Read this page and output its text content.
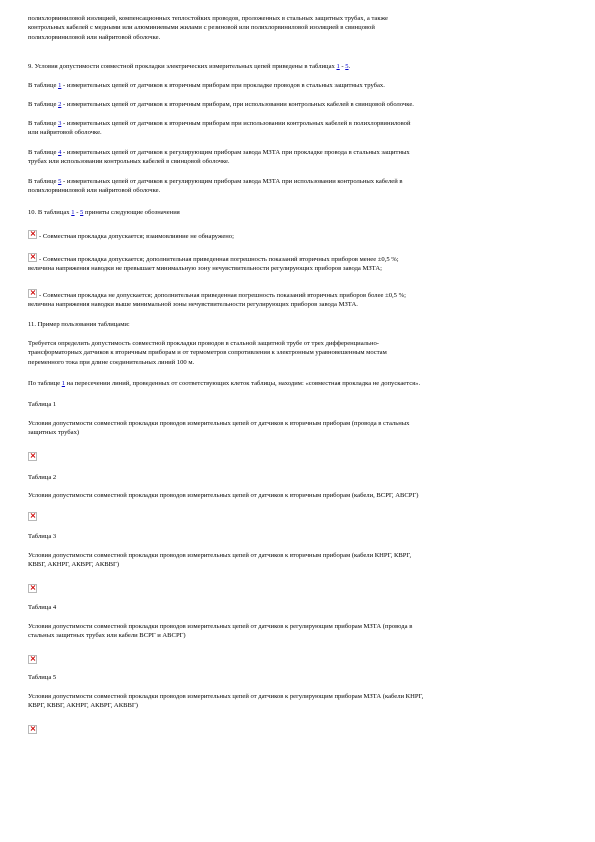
полихлорвиниловой изоляцией, компенсационных теплостойких проводов, проложенных в стальных защитных трубах, а также
контрольных кабелей с медными или алюминиевыми жилами с резиновой или полихлорвиниловой изоляцией в свинцовой
полихлорвиниловой или найритовой оболочке.

9. Условия допустимости совместной прокладки электрических измерительных цепей приведены в таблицах 1 - 5.

В таблице 1 - измерительных цепей от датчиков к вторичным приборам при прокладке проводов в стальных защитных трубах.

В таблице 2 - измерительных цепей от датчиков к вторичным приборам, при использовании контрольных кабелей в свинцовой оболочке.

В таблице 3 - измерительных цепей от датчиков к вторичным приборам при использовании контрольных кабелей в полихлорвиниловой
или найритовой оболочке.

В таблице 4 - измерительных цепей от датчиков к регулирующим приборам завода МЗТА при прокладке провода в стальных защитных
трубах или использовании контрольных кабелей в свинцовой оболочке.

В таблице 5 - измерительных цепей от датчиков к регулирующим приборам завода МЗТА при использовании контрольных кабелей в
полихлорвиниловой или найритовой оболочке.

10. В таблицах 1 - 5 приняты следующие обозначения

×- Совместная прокладка допускается; взаимовлияние не обнаружено;
×- Совместная прокладка допускается; дополнительная приведенная погрешность показаний вторичных приборов менее ±0,5 %;
величина напряжения наводки не превышает минимальную зону нечувствительности регулирующих приборов завода МЗТА;
×- Совместная прокладка не допускается; дополнительная приведенная погрешность показаний вторичных приборов более ±0,5 %;
величина напряжения наводки выше минимальной зоны нечувствительности регулирующих приборов завода МЗТА.

11. Пример пользования таблицами:

Требуется определить допустимость совместной прокладки проводов в стальной защитной трубе от трех дифференциально-
трансформаторных датчиков к вторичным приборам и от термометров сопротивления к электронным уравновешенным мостам
переменного тока при длине соединительных линий 100 м.

По таблице 1 на пересечении линий, проведенных от соответствующих клеток таблицы, находим: «совместная прокладка не допускается».

Таблица 1

Условия допустимости совместной прокладки проводов измерительных цепей от датчиков к вторичным приборам (провода в стальных
защитных трубах)

×

Таблица 2

Условия допустимости совместной прокладки проводов измерительных цепей от датчиков к вторичным приборам (кабели, ВСРГ, АВСРГ)

×

Таблица 3

Условия допустимости совместной прокладки проводов измерительных цепей от датчиков к вторичным приборам (кабели КНРГ, КВРГ,
КВВГ, АКНРГ, АКВРГ, АКВВГ)

×

Таблица 4

Условия допустимости совместной прокладки проводов измерительных цепей от датчиков к регулирующим приборам МЗТА (провода в
стальных защитных трубах или кабели ВСРГ и АВСРГ)

×

Таблица 5

Условия допустимости совместной прокладки проводов измерительных цепей от датчиков к регулирующим приборам МЗТА (кабели КНРГ,
КВРГ, КВВГ, АКНРГ, АКВРГ, АКВВГ)

×
